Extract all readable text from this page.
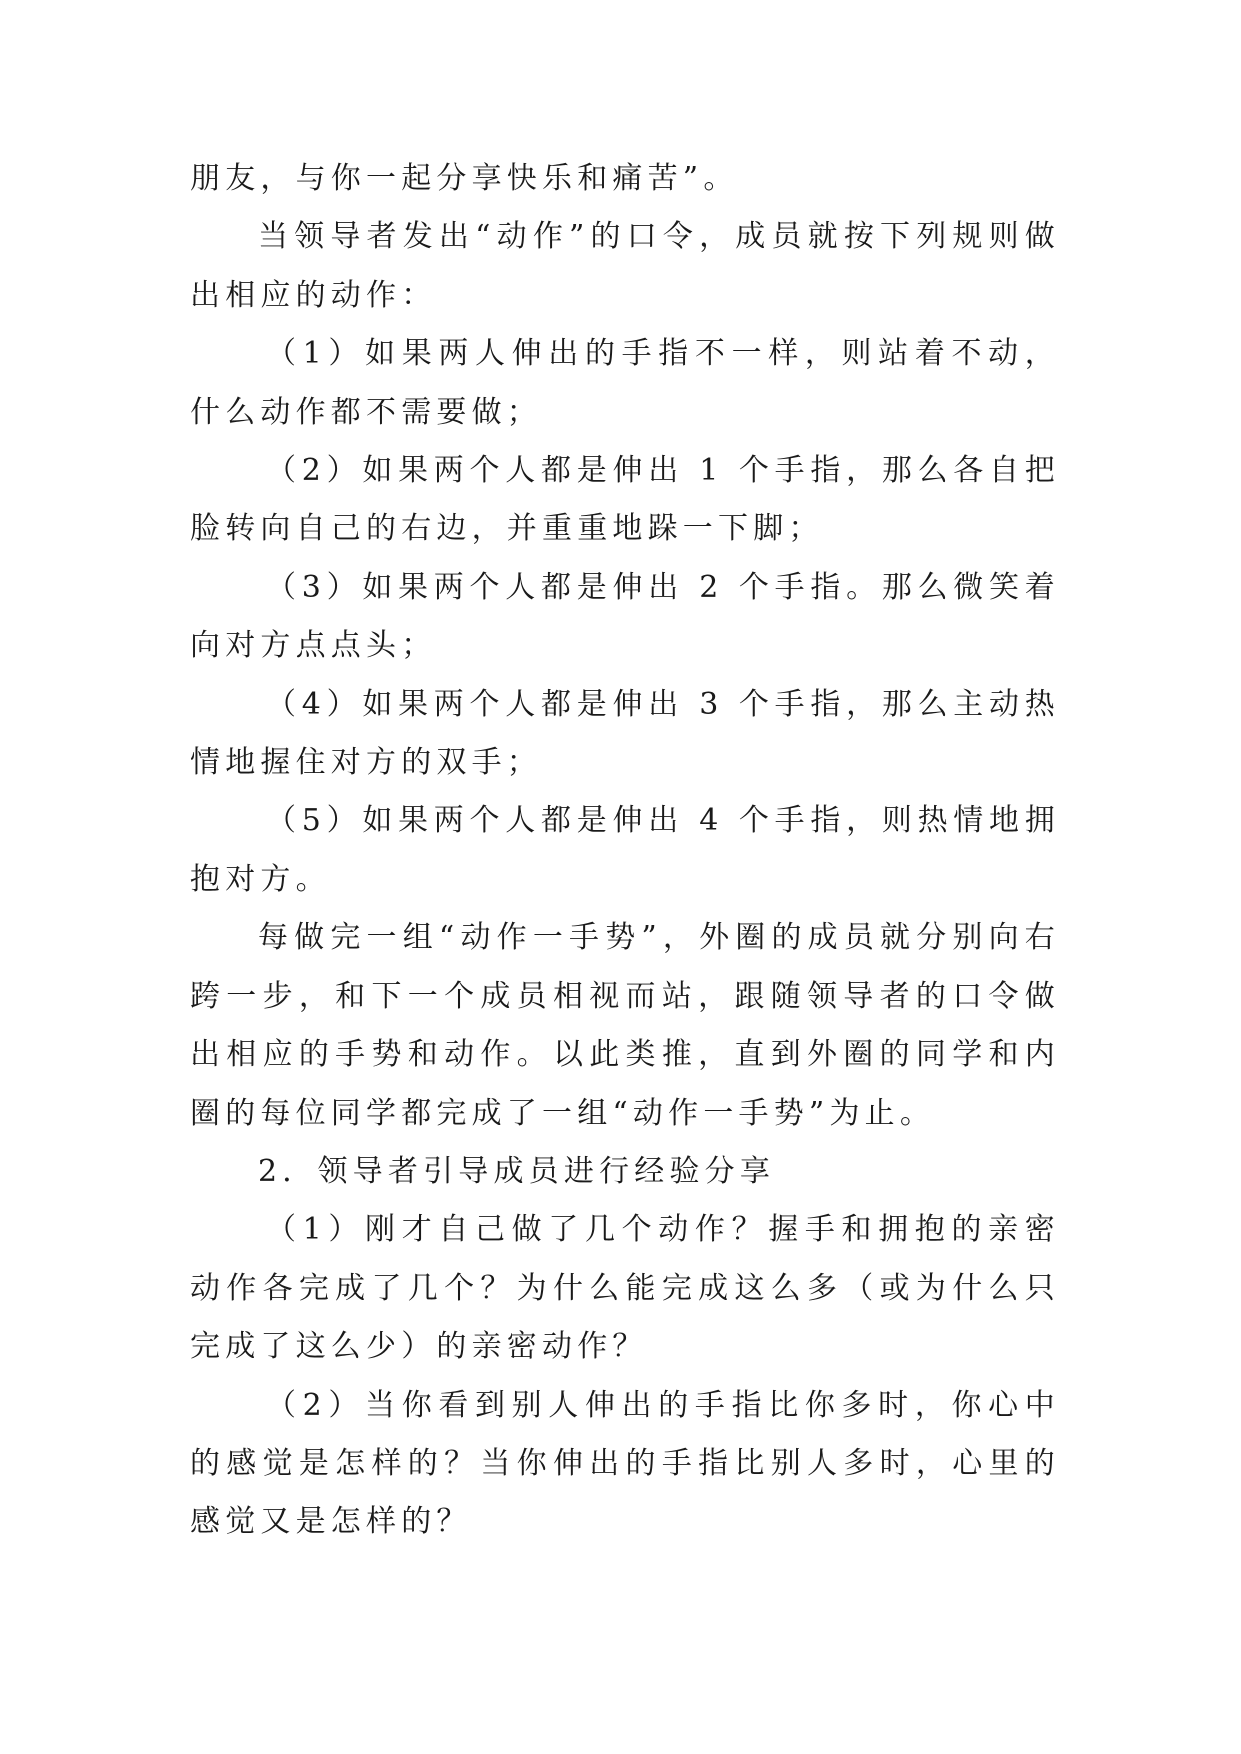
朋友，与你一起分享快乐和痛苦”。

当领导者发出“动作”的口令，成员就按下列规则做出相应的动作：

（1）如果两人伸出的手指不一样，则站着不动，什么动作都不需要做；

（2）如果两个人都是伸出 1 个手指，那么各自把脸转向自己的右边，并重重地跺一下脚；

（3）如果两个人都是伸出 2 个手指。那么微笑着向对方点点头；

（4）如果两个人都是伸出 3 个手指，那么主动热情地握住对方的双手；

（5）如果两个人都是伸出 4 个手指，则热情地拥抱对方。

每做完一组“动作一手势”，外圈的成员就分别向右跨一步，和下一个成员相视而站，跟随领导者的口令做出相应的手势和动作。以此类推，直到外圈的同学和内圈的每位同学都完成了一组“动作一手势”为止。

2．领导者引导成员进行经验分享

（1）刚才自己做了几个动作？握手和拥抱的亲密动作各完成了几个？为什么能完成这么多（或为什么只完成了这么少）的亲密动作？

（2）当你看到别人伸出的手指比你多时，你心中的感觉是怎样的？当你伸出的手指比别人多时，心里的感觉又是怎样的？
